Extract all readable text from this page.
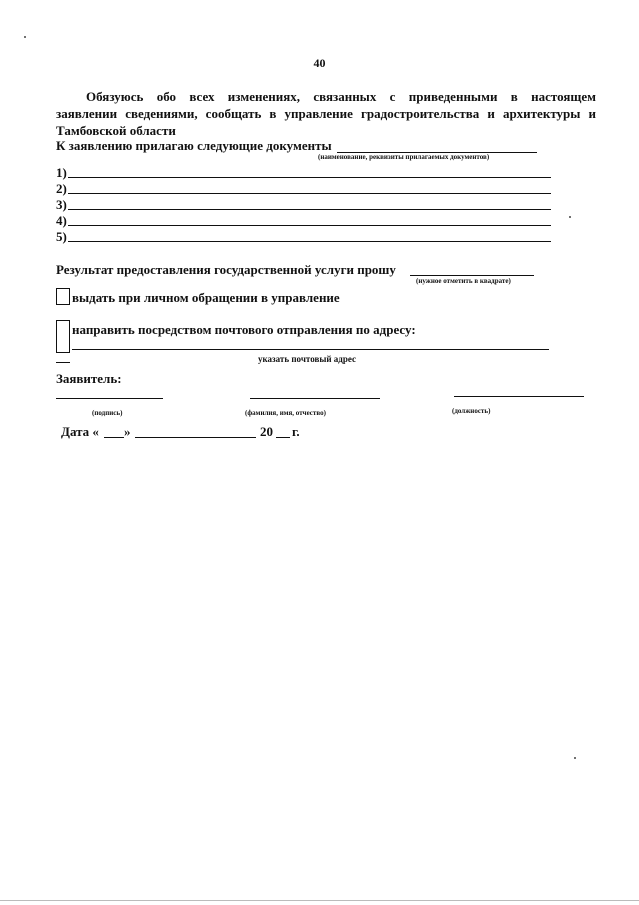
40
Обязуюсь обо всех изменениях, связанных с приведенными в настоящем
заявлении сведениями, сообщать в управление градостроительства и архитектуры и
Тамбовской области
К заявлению прилагаю следующие документы
(наименование, реквизиты прилагаемых документов)
1)
2)
3)
4)
5)
Результат предоставления государственной услуги прошу
(нужное отметить в квадрате)
выдать при личном обращении в управление
направить посредством почтового отправления по адресу:
указать почтовый адрес
Заявитель:
(подпись)	(фамилия, имя, отчество)	(должность)
Дата « »	20 г.
